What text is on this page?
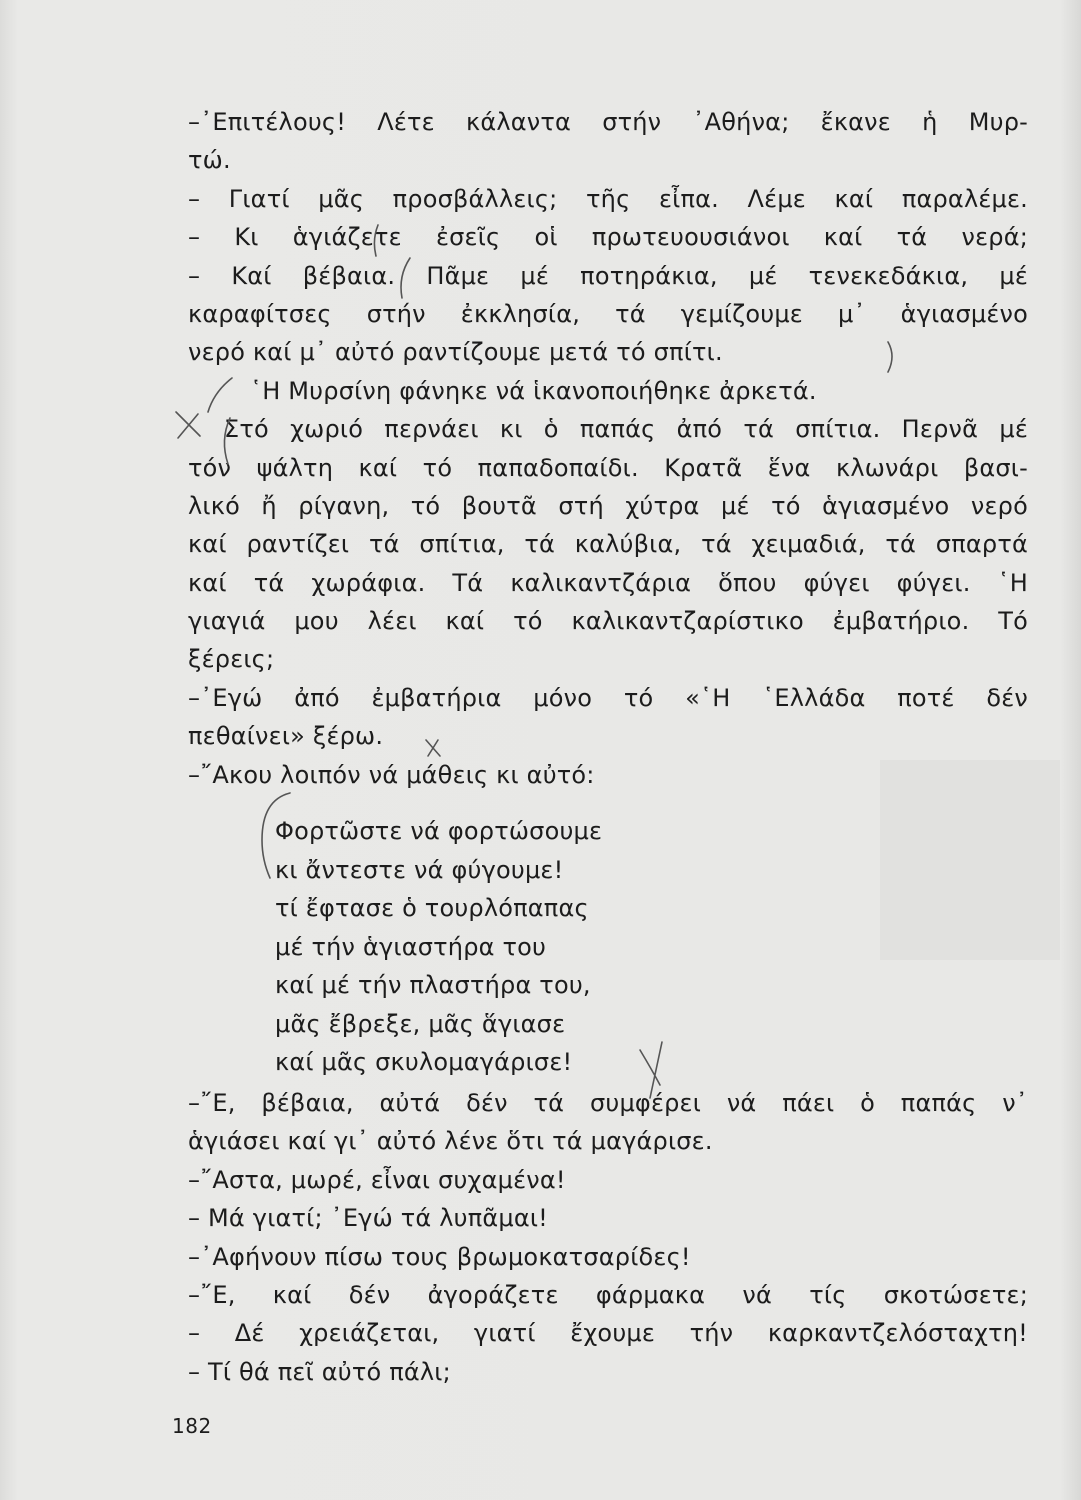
–᾿Επιτέλους! Λέτε κάλαντα στήν ᾿Αθήνα; ἔκανε ἡ Μυρ-
τώ.
– Γιατί μᾶς προσβάλλεις; τῆς εἶπα. Λέμε καί παραλέμε.
– Κι ἁγιάζετε ἐσεῖς οἱ πρωτευουσιάνοι καί τά νερά;
– Καί βέβαια. Πᾶμε μέ ποτηράκια, μέ τενεκεδάκια, μέ
καραφίτσες στήν ἐκκλησία, τά γεμίζουμε μ᾿ ἁγιασμένο
νερό καί μ᾿ αὐτό ραντίζουμε μετά τό σπίτι.
῾Η Μυρσίνη φάνηκε νά ἱκανοποιήθηκε ἀρκετά.
Στό χωριό περνάει κι ὁ παπάς ἀπό τά σπίτια. Περνᾶ μέ
τόν ψάλτη καί τό παπαδοπαίδι. Κρατᾶ ἕνα κλωνάρι βασι-
λικό ἤ ρίγανη, τό βουτᾶ στή χύτρα μέ τό ἁγιασμένο νερό
καί ραντίζει τά σπίτια, τά καλύβια, τά χειμαδιά, τά σπαρτά
καί τά χωράφια. Τά καλικαντζάρια ὅπου φύγει φύγει. ῾Η
γιαγιά μου λέει καί τό καλικαντζαρίστικο ἐμβατήριο. Τό
ξέρεις;
–᾿Εγώ ἀπό ἐμβατήρια μόνο τό «῾Η ῾Ελλάδα ποτέ δέν
πεθαίνει» ξέρω.
–῎Ακου λοιπόν νά μάθεις κι αὐτό:
Φορτῶστε νά φορτώσουμε
κι ἄντεστε νά φύγουμε!
τί ἔφτασε ὁ τουρλόπαπας
μέ τήν ἁγιαστήρα του
καί μέ τήν πλαστήρα του,
μᾶς ἔβρεξε, μᾶς ἅγιασε
καί μᾶς σκυλομαγάρισε!
–῎Ε, βέβαια, αὐτά δέν τά συμφέρει νά πάει ὁ παπάς ν᾿
ἁγιάσει καί γι᾿ αὐτό λένε ὅτι τά μαγάρισε.
–῎Αστα, μωρέ, εἶναι συχαμένα!
– Μά γιατί; ᾿Εγώ τά λυπᾶμαι!
–᾿Αφήνουν πίσω τους βρωμοκατσαρίδες!
–῎Ε, καί δέν ἀγοράζετε φάρμακα νά τίς σκοτώσετε;
– Δέ χρειάζεται, γιατί ἔχουμε τήν καρκαντζελόσταχτη!
– Τί θά πεῖ αὐτό πάλι;
182
